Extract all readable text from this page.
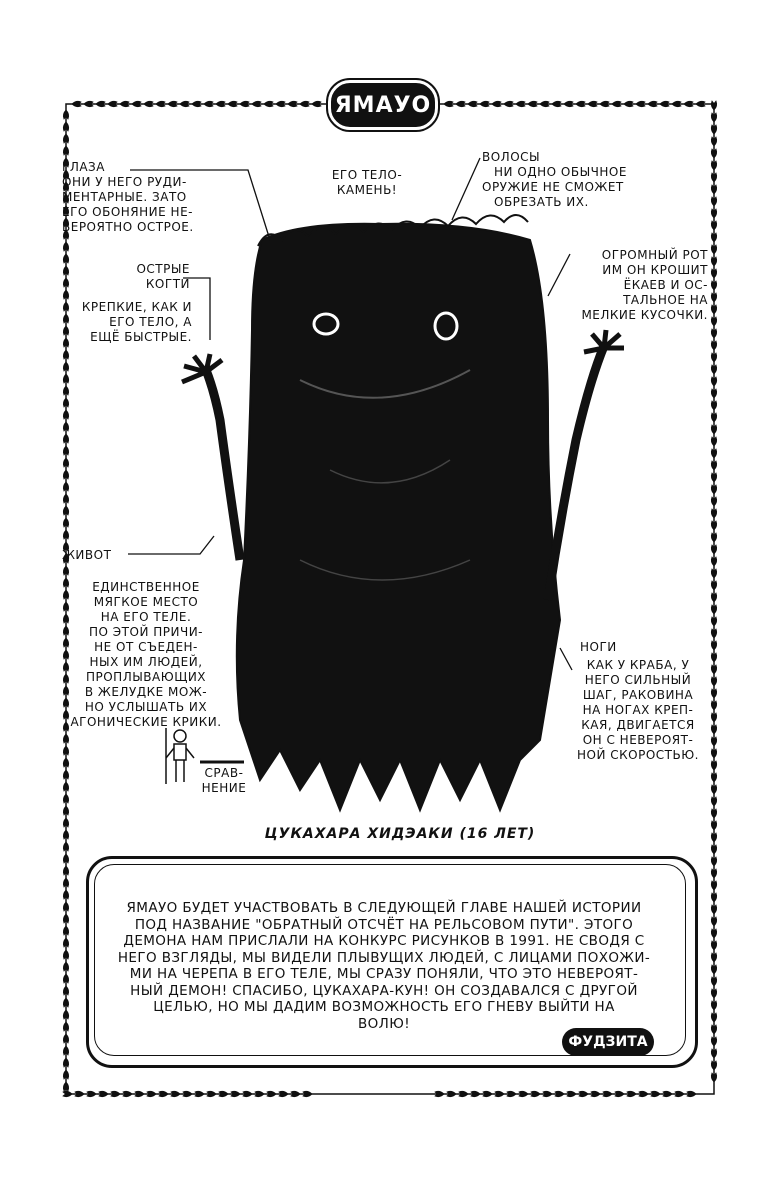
ЯМАУО
ГЛАЗА
ОНИ У НЕГО РУДИ-
МЕНТАРНЫЕ. ЗАТО
ЕГО ОБОНЯНИЕ НЕ-
ВЕРОЯТНО ОСТРОЕ.
ЕГО ТЕЛО-
КАМЕНЬ!
ВОЛОСЫ
НИ ОДНО ОБЫЧНОЕ
ОРУЖИЕ НЕ СМОЖЕТ
ОБРЕЗАТЬ ИХ.
ОСТРЫЕ
КОГТИ
КРЕПКИЕ, КАК И
ЕГО ТЕЛО, А
ЕЩЁ БЫСТРЫЕ.
ОГРОМНЫЙ РОТ
ИМ ОН КРОШИТ
ЁКАЕВ И ОС-
ТАЛЬНОЕ НА
МЕЛКИЕ КУСОЧКИ.
ЖИВОТ
ЕДИНСТВЕННОЕ
МЯГКОЕ МЕСТО
НА ЕГО ТЕЛЕ.
ПО ЭТОЙ ПРИЧИ-
НЕ ОТ СЪЕДЕН-
НЫХ ИМ ЛЮДЕЙ,
ПРОПЛЫВАЮЩИХ
В ЖЕЛУДКЕ МОЖ-
НО УСЛЫШАТЬ ИХ
АГОНИЧЕСКИЕ КРИКИ.
НОГИ
КАК У КРАБА, У
НЕГО СИЛЬНЫЙ
ШАГ, РАКОВИНА
НА НОГАХ КРЕП-
КАЯ, ДВИГАЕТСЯ
ОН С НЕВЕРОЯТ-
НОЙ СКОРОСТЬЮ.
СРАВ-
НЕНИЕ
ЦУКАХАРА ХИДЭАКИ (16 ЛЕТ)
ЯМАУО БУДЕТ УЧАСТВОВАТЬ В СЛЕДУЮЩЕЙ ГЛАВЕ НАШЕЙ ИСТОРИИ
ПОД НАЗВАНИЕ "ОБРАТНЫЙ ОТСЧЁТ НА РЕЛЬСОВОМ ПУТИ". ЭТОГО
ДЕМОНА НАМ ПРИСЛАЛИ НА КОНКУРС РИСУНКОВ В 1991. НЕ СВОДЯ С
НЕГО ВЗГЛЯДЫ, МЫ ВИДЕЛИ ПЛЫВУЩИХ ЛЮДЕЙ, С ЛИЦАМИ ПОХОЖИ-
МИ НА ЧЕРЕПА В ЕГО ТЕЛЕ, МЫ СРАЗУ ПОНЯЛИ, ЧТО ЭТО НЕВЕРОЯТ-
НЫЙ ДЕМОН! СПАСИБО, ЦУКАХАРА-КУН! ОН СОЗДАВАЛСЯ С ДРУГОЙ
ЦЕЛЬЮ, НО МЫ ДАДИМ ВОЗМОЖНОСТЬ ЕГО ГНЕВУ ВЫЙТИ НА
ВОЛЮ!
ФУДЗИТА
